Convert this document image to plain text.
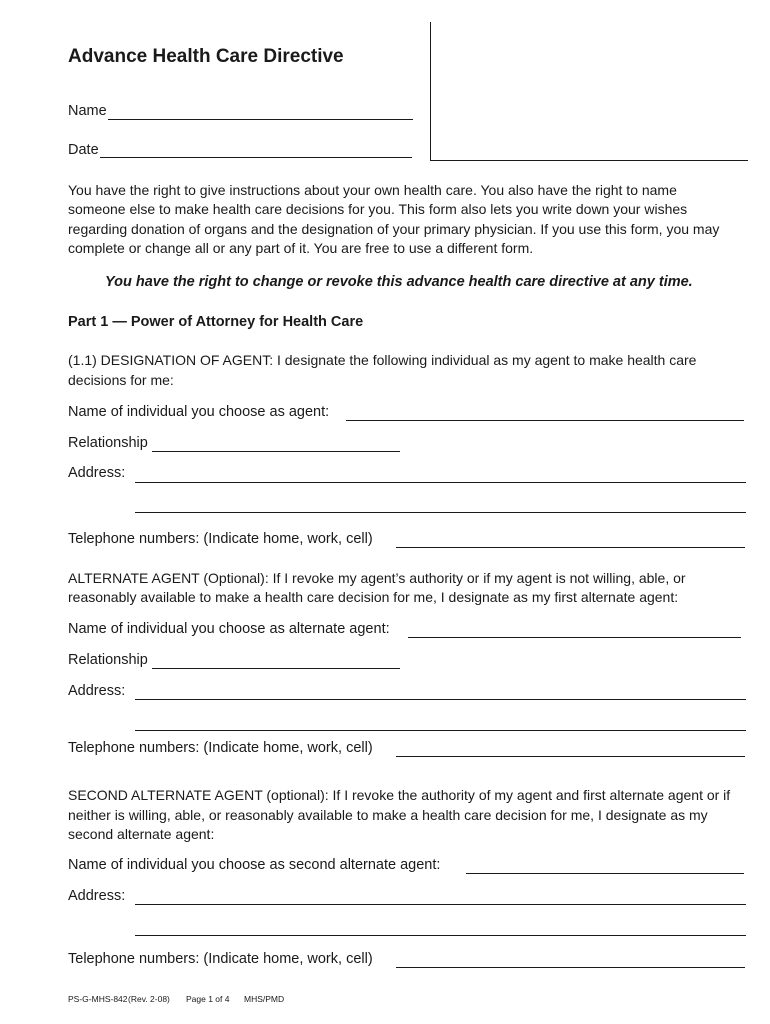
Advance Health Care Directive
Name
Date
You have the right to give instructions about your own health care. You also have the right to name
someone else to make health care decisions for you. This form also lets you write down your wishes
regarding donation of organs and the designation of your primary physician. If you use this form, you may
complete or change all or any part of it. You are free to use a different form.
You have the right to change or revoke this advance health care directive at any time.
Part 1 — Power of Attorney for Health Care
(1.1) DESIGNATION OF AGENT: I designate the following individual as my agent to make health care
decisions for me:
Name of individual you choose as agent:
Relationship
Address:
Telephone numbers: (Indicate home, work, cell)
ALTERNATE AGENT (Optional): If I revoke my agent’s authority or if my agent is not willing, able, or
reasonably available to make a health care decision for me, I designate as my first alternate agent:
Name of individual you choose as alternate agent:
Relationship
Address:
Telephone numbers: (Indicate home, work, cell)
SECOND ALTERNATE AGENT (optional): If I revoke the authority of my agent and first alternate agent or if
neither is willing, able, or reasonably available to make a health care decision for me, I designate as my
second alternate agent:
Name of individual you choose as second alternate agent:
Address:
Telephone numbers: (Indicate home, work, cell)
PS-G-MHS-842 (Rev. 2-08) Page 1 of 4 MHS/PMD
